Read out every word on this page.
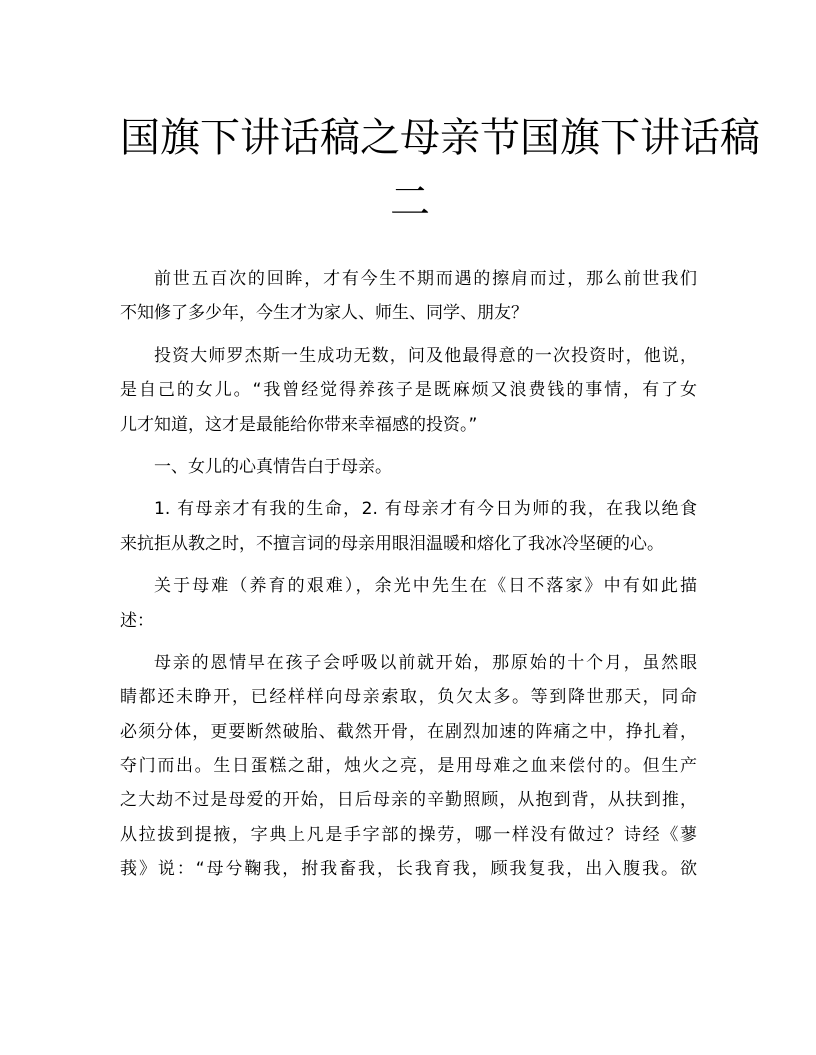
国旗下讲话稿之母亲节国旗下讲话稿
二
前世五百次的回眸，才有今生不期而遇的擦肩而过，那么前世我们
不知修了多少年，今生才为家人、师生、同学、朋友？
投资大师罗杰斯一生成功无数，问及他最得意的一次投资时，他说，
是自己的女儿。“我曾经觉得养孩子是既麻烦又浪费钱的事情，有了女
儿才知道，这才是最能给你带来幸福感的投资。”
一、女儿的心真情告白于母亲。
1. 有母亲才有我的生命，2. 有母亲才有今日为师的我，在我以绝食
来抗拒从教之时，不擅言词的母亲用眼泪温暖和熔化了我冰冷坚硬的心。
关于母难（养育的艰难），余光中先生在《日不落家》中有如此描
述：
母亲的恩情早在孩子会呼吸以前就开始，那原始的十个月，虽然眼
睛都还未睁开，已经样样向母亲索取，负欠太多。等到降世那天，同命
必须分体，更要断然破胎、截然开骨，在剧烈加速的阵痛之中，挣扎着，
夺门而出。生日蛋糕之甜，烛火之亮，是用母难之血来偿付的。但生产
之大劫不过是母爱的开始，日后母亲的辛勤照顾，从抱到背，从扶到推，
从拉拔到提掖，字典上凡是手字部的操劳，哪一样没有做过？诗经《蓼
莪》说：“母兮鞠我，拊我畜我，长我育我，顾我复我，出入腹我。欲
